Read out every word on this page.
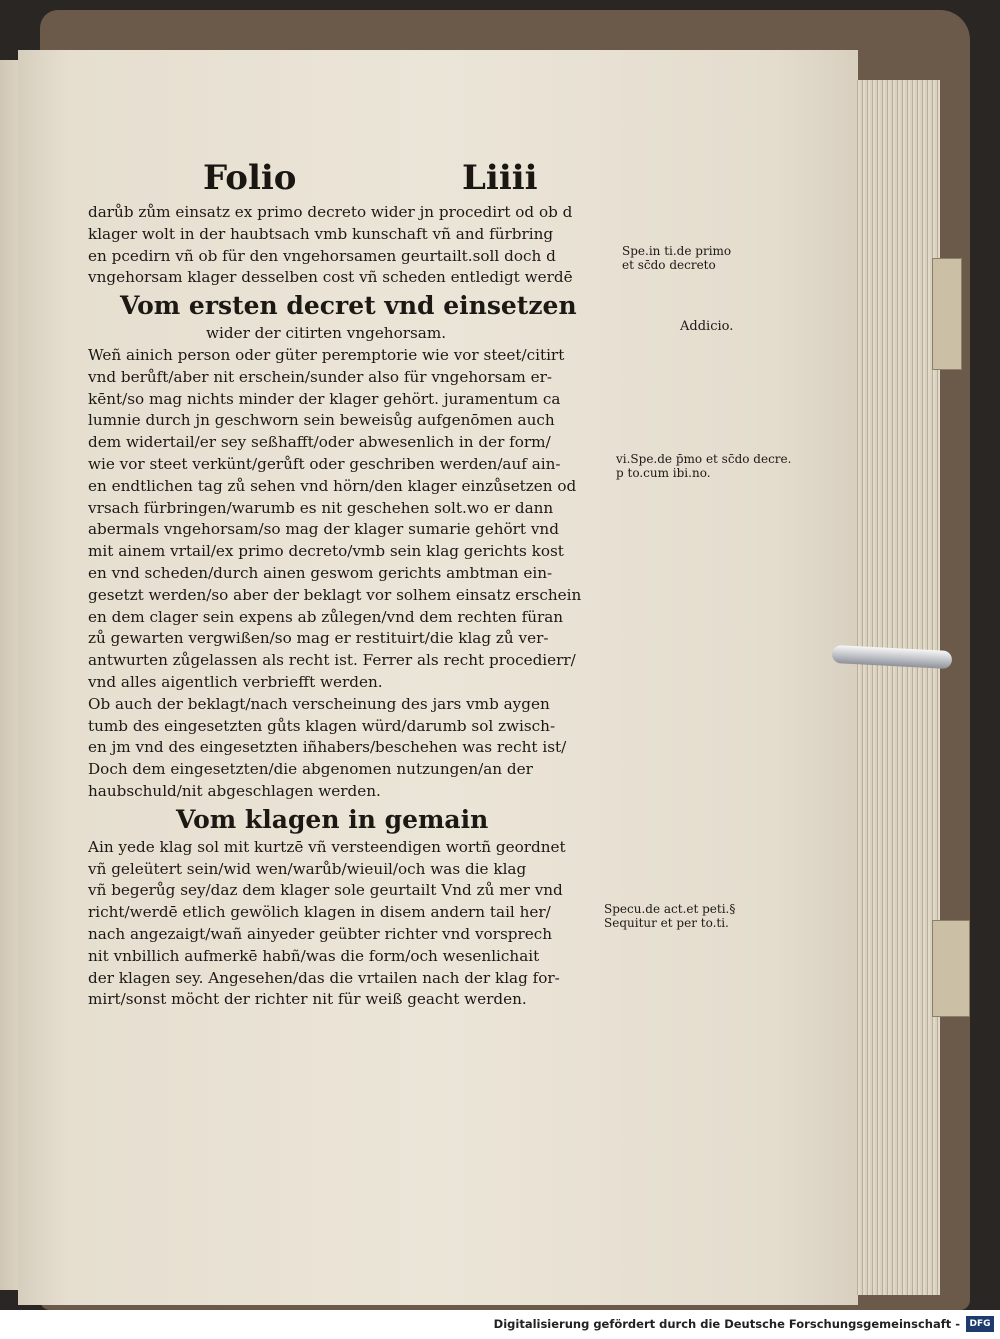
Folio	Liiii
darůb zům einsatz ex primo decreto wider jn procedirt od ob d
klager wolt in der haubtsach vmb kunschaft vñ and fürbring
en pcedirn vñ ob für den vngehorsamen geurtailt.soll doch d
vngehorsam klager desselben cost vñ scheden entledigt werdē
Vom ersten decret vnd einsetzen
wider der citirten vngehorsam.
Weñ ainich person oder güter peremptorie wie vor steet/citirt
vnd berůft/aber nit erschein/sunder also für vngehorsam er-
kēnt/so mag nichts minder der klager gehört. juramentum ca
lumnie durch jn geschworn sein beweisůg aufgenōmen auch
dem widertail/er sey seßhafft/oder abwesenlich in der form/
wie vor steet verkünt/gerůft oder geschriben werden/auf ain-
en endtlichen tag zů sehen vnd hörn/den klager einzůsetzen od
vrsach fürbringen/warumb es nit geschehen solt.wo er dann
abermals vngehorsam/so mag der klager sumarie gehört vnd
mit ainem vrtail/ex primo decreto/vmb sein klag gerichts kost
en vnd scheden/durch ainen geswom gerichts ambtman ein-
gesetzt werden/so aber der beklagt vor solhem einsatz erschein
en dem clager sein expens ab zůlegen/vnd dem rechten füran
zů gewarten vergwißen/so mag er restituirt/die klag zů ver-
antwurten zůgelassen als recht ist. Ferrer als recht procedierr/
vnd alles aigentlich verbriefft werden.
Ob auch der beklagt/nach verscheinung des jars vmb aygen
tumb des eingesetzten gůts klagen würd/darumb sol zwisch-
en jm vnd des eingesetzten iñhabers/beschehen was recht ist/
Doch dem eingesetzten/die abgenomen nutzungen/an der
haubschuld/nit abgeschlagen werden.
Vom klagen in gemain
Ain yede klag sol mit kurtzē vñ versteendigen wortñ geordnet
vñ geleütert sein/wid wen/warůb/wieuil/och was die klag
vñ begerůg sey/daz dem klager sole geurtailt Vnd zů mer vnd
richt/werdē etlich gewölich klagen in disem andern tail her/
nach angezaigt/wañ ainyeder geübter richter vnd vorsprech
nit vnbillich aufmerkē habñ/was die form/och wesenlichait
der klagen sey. Angesehen/das die vrtailen nach der klag for-
mirt/sonst möcht der richter nit für weiß geacht werden.
Spe.in ti.de primo
et sc̄do decreto
Addicio.
vi.Spe.de p̄mo et sc̄do decre.
p to.cum ibi.no.
Specu.de act.et peti.§
Sequitur et per to.ti.
Digitalisierung gefördert durch die Deutsche Forschungsgemeinschaft -	DFG
